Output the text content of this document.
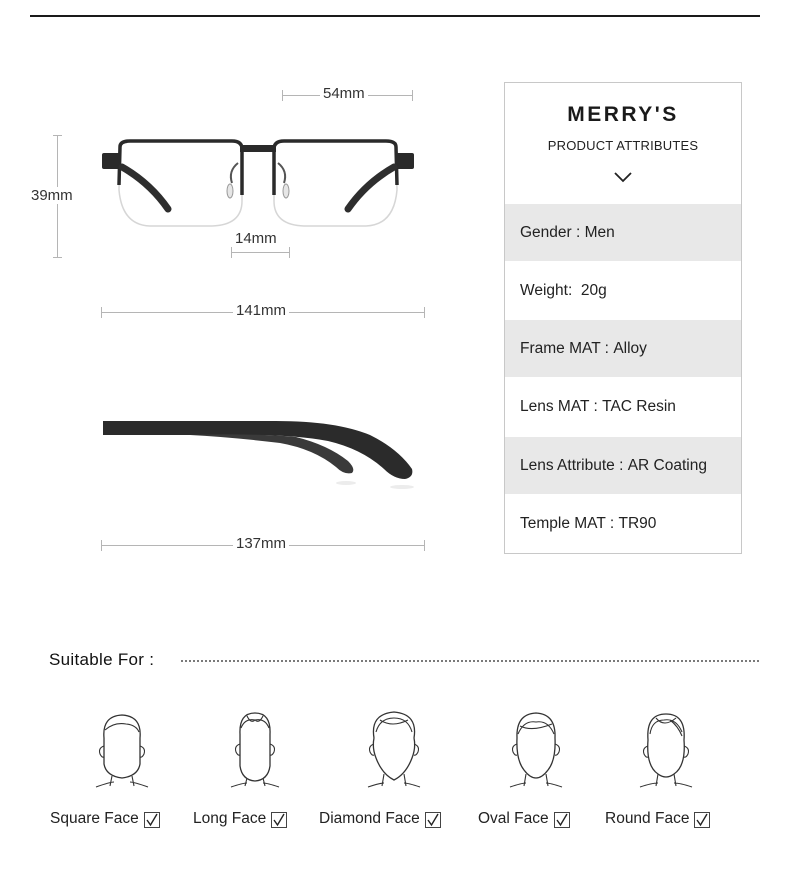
54mm
39mm
14mm
141mm
137mm
MERRY'S
PRODUCT ATTRIBUTES
Gender :
Men
Weight:
20g
Frame MAT :
Alloy
Lens MAT :
TAC Resin
Lens Attribute :
AR Coating
Temple MAT :
TR90
Suitable For :
Square Face	Long Face	Diamond Face	Oval Face	Round Face
